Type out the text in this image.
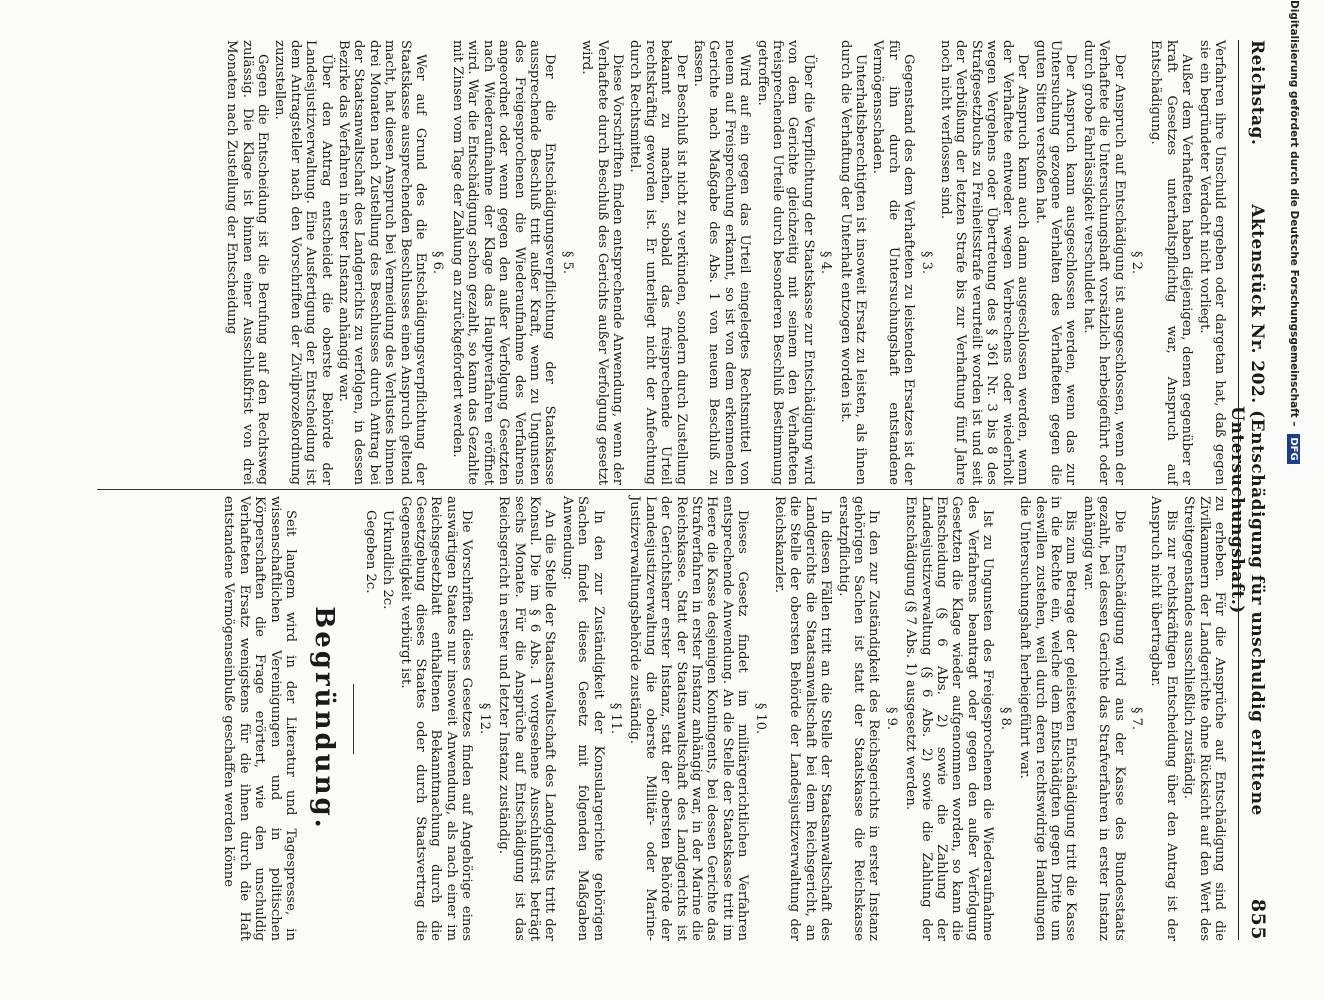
Reichstag.
Aktenstück Nr. 202. (Entschädigung für unschuldig erlittene Untersuchungshaft.)
855

Verfahren ihre Unschuld ergeben oder dargetan hat, daß gegen sie ein begründeter Verdacht nicht vorliegt.

Außer dem Verhafteten haben diejenigen, denen gegenüber er kraft Gesetzes unterhaltspflichtig war, Anspruch auf Entschädigung.

§ 2.

Der Anspruch auf Entschädigung ist ausgeschlossen, wenn der Verhaftete die Untersuchungshaft vorsätzlich herbeigeführt oder durch grobe Fahrlässigkeit verschuldet hat.

Der Anspruch kann ausgeschlossen werden, wenn das zur Untersuchung gezogene Verhalten des Verhafteten gegen die guten Sitten verstoßen hat.

Der Anspruch kann auch dann ausgeschlossen werden, wenn der Verhaftete entweder wegen Verbrechens oder wiederholt wegen Vergehens oder Übertretung des § 361 Nr. 3 bis 8 des Strafgesetzbuchs zu Freiheitsstrafe verurteilt worden ist und seit der Verbüßung der letzten Strafe bis zur Verhaftung fünf Jahre noch nicht verflossen sind.

§ 3.

Gegenstand des dem Verhafteten zu leistenden Ersatzes ist der für ihn durch die Untersuchungshaft entstandene Vermögensschaden.

Unterhaltsberechtigten ist insoweit Ersatz zu leisten, als ihnen durch die Verhaftung der Unterhalt entzogen worden ist.

§ 4.

Über die Verpflichtung der Staatskasse zur Entschädigung wird von dem Gerichte gleichzeitig mit seinem den Verhafteten freisprechenden Urteile durch besonderen Beschluß Bestimmung getroffen.

Wird auf ein gegen das Urteil eingelegtes Rechtsmittel von neuem auf Freisprechung erkannt, so ist von dem erkennenden Gerichte nach Maßgabe des Abs. 1 von neuem Beschluß zu fassen.

Der Beschluß ist nicht zu verkünden, sondern durch Zustellung bekannt zu machen, sobald das freisprechende Urteil rechtskräftig geworden ist. Er unterliegt nicht der Anfechtung durch Rechtsmittel.

Diese Vorschriften finden entsprechende Anwendung, wenn der Verhaftete durch Beschluß des Gerichts außer Verfolgung gesetzt wird.

§ 5.

Der die Entschädigungsverpflichtung der Staatskasse aussprechende Beschluß tritt außer Kraft, wenn zu Ungunsten des Freigesprochenen die Wiederaufnahme des Verfahrens angeordnet oder wenn gegen den außer Verfolgung Gesetzten nach Wiederaufnahme der Klage das Hauptverfahren eröffnet wird. War die Entschädigung schon gezahlt, so kann das Gezahlte mit Zinsen vom Tage der Zahlung an zurückgefordert werden.

§ 6.

Wer auf Grund des die Entschädigungsverpflichtung der Staatskasse aussprechenden Beschlusses einen Anspruch geltend macht, hat diesen Anspruch bei Vermeidung des Verlustes binnen drei Monaten nach Zustellung des Beschlusses durch Antrag bei der Staatsanwaltschaft des Landgerichts zu verfolgen, in dessen Bezirke das Verfahren in erster Instanz anhängig war.

Über den Antrag entscheidet die oberste Behörde der Landesjustizverwaltung. Eine Ausfertigung der Entscheidung ist dem Antragsteller nach den Vorschriften der Zivilprozeßordnung zuzustellen.

Gegen die Entscheidung ist die Berufung auf den Rechtsweg zulässig. Die Klage ist binnen einer Ausschlußfrist von drei Monaten nach Zustellung der Entscheidung

zu erheben. Für die Ansprüche auf Entschädigung sind die Zivilkammern der Landgerichte ohne Rücksicht auf den Wert des Streitgegenstandes ausschließlich zuständig.

Bis zur rechtskräftigen Entscheidung über den Antrag ist der Anspruch nicht übertragbar.

§ 7.

Die Entschädigung wird aus der Kasse des Bundesstaats gezahlt, bei dessen Gerichte das Strafverfahren in erster Instanz anhängig war.

Bis zum Betrage der geleisteten Entschädigung tritt die Kasse in die Rechte ein, welche dem Entschädigten gegen Dritte um deswillen zustehen, weil durch deren rechtswidrige Handlungen die Untersuchungshaft herbeigeführt war.

§ 8.

Ist zu Ungunsten des Freigesprochenen die Wiederaufnahme des Verfahrens beantragt oder gegen den außer Verfolgung Gesetzten die Klage wieder aufgenommen worden, so kann die Entscheidung (§ 6 Abs. 2) sowie die Zahlung der Landesjustizverwaltung (§ 6 Abs. 2) sowie die Zahlung der Entschädigung (§ 7 Abs. 1) ausgesetzt werden.

§ 9.

In den zur Zuständigkeit des Reichsgerichts in erster Instanz gehörigen Sachen ist statt der Staatskasse die Reichskasse ersatzpflichtig.

In diesen Fällen tritt an die Stelle der Staatsanwaltschaft des Landgerichts die Staatsanwaltschaft bei dem Reichsgericht, an die Stelle der obersten Behörde der Landesjustizverwaltung der Reichskanzler.

§ 10.

Dieses Gesetz findet im militärgerichtlichen Verfahren entsprechende Anwendung. An die Stelle der Staatskasse tritt im Heere die Kasse desjenigen Kontingents, bei dessen Gerichte das Strafverfahren in erster Instanz anhängig war, in der Marine die Reichskasse. Statt der Staatsanwaltschaft des Landgerichts ist der Gerichtsherr erster Instanz, statt der obersten Behörde der Landesjustizverwaltung die oberste Militär- oder Marine-Justizverwaltungsbehörde zuständig.

§ 11.

In den zur Zuständigkeit der Konsulargerichte gehörigen Sachen findet dieses Gesetz mit folgenden Maßgaben Anwendung:

An die Stelle der Staatsanwaltschaft des Landgerichts tritt der Konsul. Die im § 6 Abs. 1 vorgesehene Ausschlußfrist beträgt sechs Monate. Für die Ansprüche auf Entschädigung ist das Reichsgericht in erster und letzter Instanz zuständig.

§ 12.

Die Vorschriften dieses Gesetzes finden auf Angehörige eines auswärtigen Staates nur insoweit Anwendung, als nach einer im Reichsgesetzblatt enthaltenen Bekanntmachung durch die Gesetzgebung dieses Staates oder durch Staatsvertrag die Gegenseitigkeit verbürgt ist.

Urkundlich 2c.

Gegeben 2c.

Begründung.

Seit langem wird in der Literatur und Tagespresse, in wissenschaftlichen Vereinigungen und in politischen Körperschaften die Frage erörtert, wie den unschuldig Verhafteten Ersatz wenigstens für die ihnen durch die Haft entstandene Vermögenseinbuße geschaffen werden könne

Digitalisierung gefördert durch die Deutsche Forschungsgemeinschaft – DFG
